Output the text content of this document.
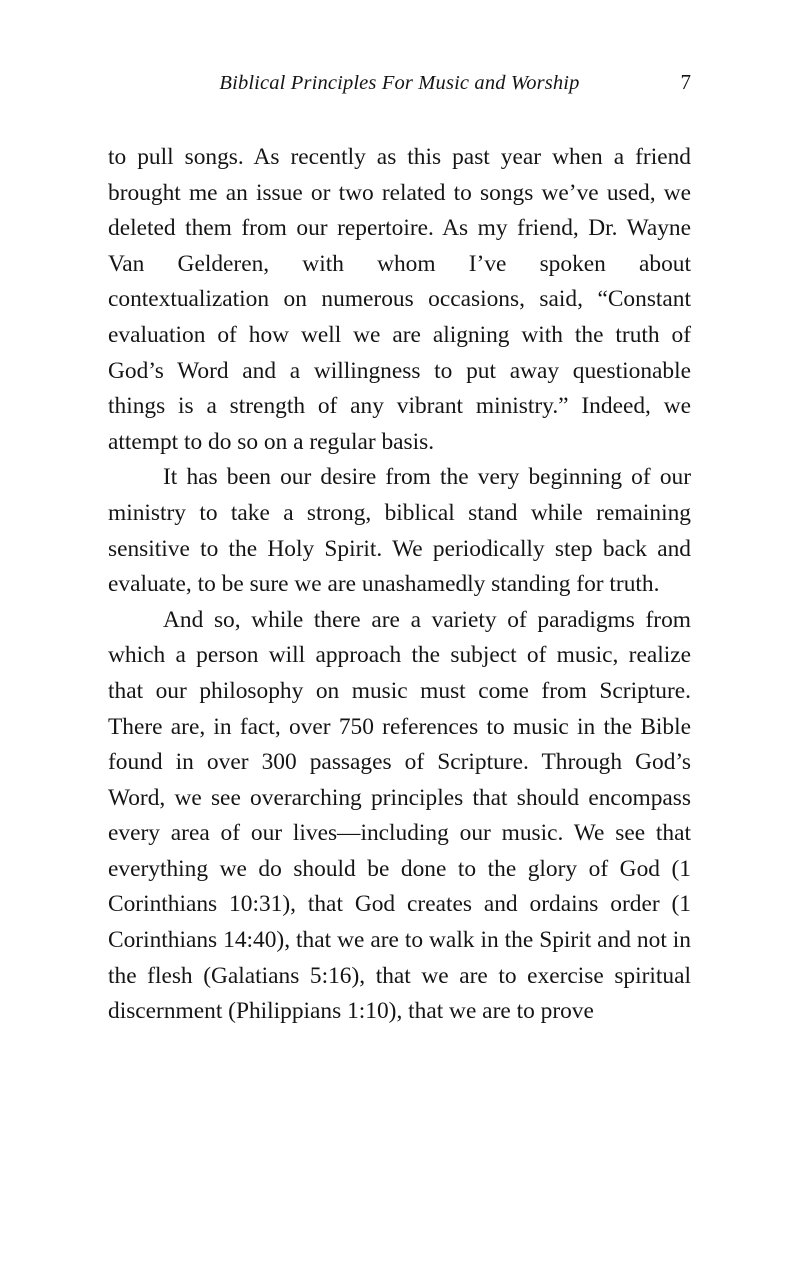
Biblical Principles For Music and Worship	7

to pull songs. As recently as this past year when a friend brought me an issue or two related to songs we’ve used, we deleted them from our repertoire. As my friend, Dr. Wayne Van Gelderen, with whom I’ve spoken about contextualization on numerous occasions, said, “Constant evaluation of how well we are aligning with the truth of God’s Word and a willingness to put away questionable things is a strength of any vibrant ministry.” Indeed, we attempt to do so on a regular basis.

It has been our desire from the very beginning of our ministry to take a strong, biblical stand while remaining sensitive to the Holy Spirit. We periodically step back and evaluate, to be sure we are unashamedly standing for truth.

And so, while there are a variety of paradigms from which a person will approach the subject of music, realize that our philosophy on music must come from Scripture. There are, in fact, over 750 references to music in the Bible found in over 300 passages of Scripture. Through God’s Word, we see overarching principles that should encompass every area of our lives—including our music. We see that everything we do should be done to the glory of God (1 Corinthians 10:31), that God creates and ordains order (1 Corinthians 14:40), that we are to walk in the Spirit and not in the flesh (Galatians 5:16), that we are to exercise spiritual discernment (Philippians 1:10), that we are to prove
